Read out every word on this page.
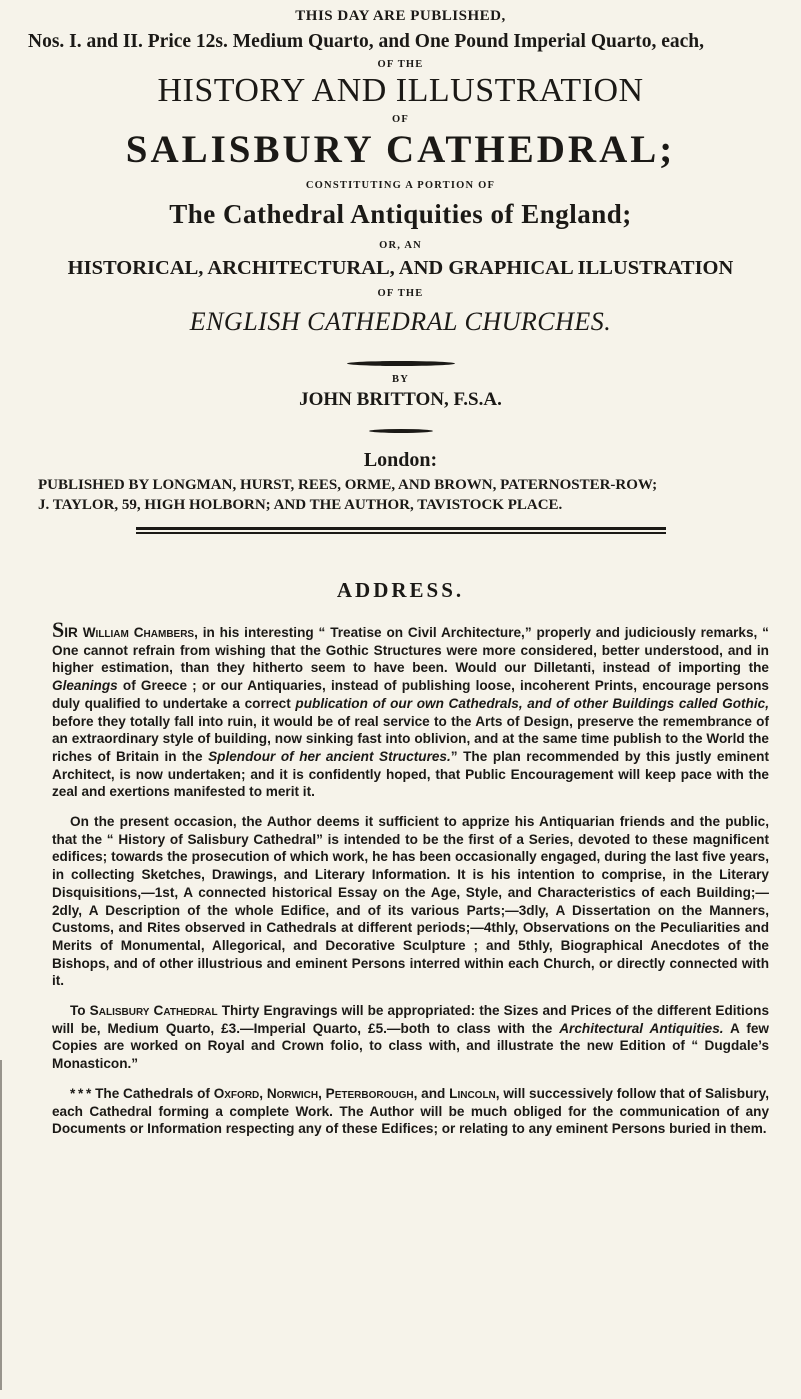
THIS DAY ARE PUBLISHED,
Nos. I. and II. Price 12s. Medium Quarto, and One Pound Imperial Quarto, each,
OF THE
HISTORY AND ILLUSTRATION
OF
SALISBURY CATHEDRAL;
CONSTITUTING A PORTION OF
The Cathedral Antiquities of England;
OR, AN
HISTORICAL, ARCHITECTURAL, AND GRAPHICAL ILLUSTRATION
OF THE
ENGLISH CATHEDRAL CHURCHES.
BY
JOHN BRITTON, F.S.A.
London:
PUBLISHED BY LONGMAN, HURST, REES, ORME, AND BROWN, PATERNOSTER-ROW;
J. TAYLOR, 59, HIGH HOLBORN; AND THE AUTHOR, TAVISTOCK PLACE.
ADDRESS.

SIR William Chambers, in his interesting “ Treatise on Civil Architecture,” properly and judiciously remarks, “ One cannot refrain from wishing that the Gothic Structures were more considered, better understood, and in higher estimation, than they hitherto seem to have been. Would our Dilletanti, instead of importing the Gleanings of Greece ; or our Antiquaries, instead of publishing loose, incoherent Prints, encourage persons duly qualified to undertake a correct publication of our own Cathedrals, and of other Buildings called Gothic, before they totally fall into ruin, it would be of real service to the Arts of Design, preserve the remembrance of an extraordinary style of building, now sinking fast into oblivion, and at the same time publish to the World the riches of Britain in the Splendour of her ancient Structures.” The plan recommended by this justly eminent Architect, is now undertaken; and it is confidently hoped, that Public Encouragement will keep pace with the zeal and exertions manifested to merit it.

On the present occasion, the Author deems it sufficient to apprize his Antiquarian friends and the public, that the “ History of Salisbury Cathedral” is intended to be the first of a Series, devoted to these magnificent edifices; towards the prosecution of which work, he has been occasionally engaged, during the last five years, in collecting Sketches, Drawings, and Literary Information. It is his intention to comprise, in the Literary Disquisitions,—1st, A connected historical Essay on the Age, Style, and Characteristics of each Building;—2dly, A Description of the whole Edifice, and of its various Parts;—3dly, A Dissertation on the Manners, Customs, and Rites observed in Cathedrals at different periods;—4thly, Observations on the Peculiarities and Merits of Monumental, Allegorical, and Decorative Sculpture ; and 5thly, Biographical Anecdotes of the Bishops, and of other illustrious and eminent Persons interred within each Church, or directly connected with it.

To Salisbury Cathedral Thirty Engravings will be appropriated: the Sizes and Prices of the different Editions will be, Medium Quarto, £3.—Imperial Quarto, £5.—both to class with the Architectural Antiquities. A few Copies are worked on Royal and Crown folio, to class with, and illustrate the new Edition of “ Dugdale’s Monasticon.”

* * * The Cathedrals of Oxford, Norwich, Peterborough, and Lincoln, will successively follow that of Salisbury, each Cathedral forming a complete Work. The Author will be much obliged for the communication of any Documents or Information respecting any of these Edifices; or relating to any eminent Persons buried in them.
